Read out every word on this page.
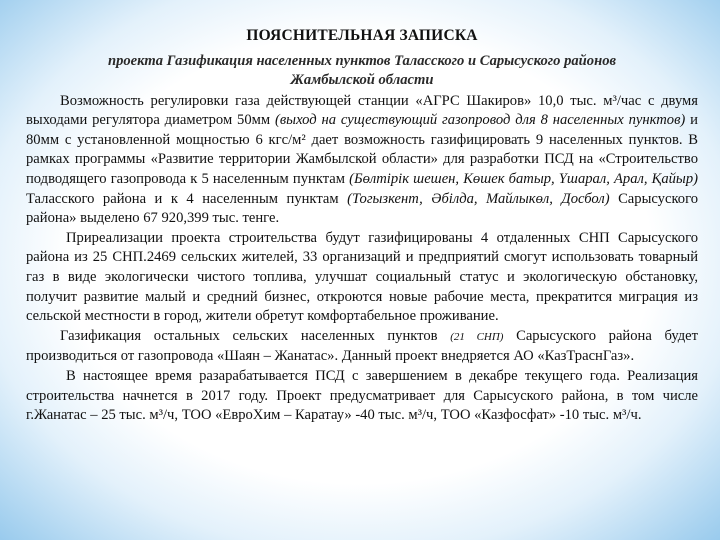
ПОЯСНИТЕЛЬНАЯ ЗАПИСКА
проекта Газификация населенных пунктов Таласского и Сарысуского районов
Жамбылской области

Возможность регулировки газа действующей станции «АГРС Шакиров» 10,0 тыс. м³/час с двумя выходами регулятора диаметром 50мм (выход на существующий газопровод для 8 населенных пунктов) и 80мм с установленной мощностью 6 кгс/м² дает возможность газифицировать 9 населенных пунктов. В рамках программы «Развитие территории Жамбылской области» для разработки ПСД на «Строительство подводящего газопровода к 5 населенным пунктам (Бөлтірік шешен, Көшек батыр, Үшарал, Арал, Қайыр) Таласского района и к 4 населенным пунктам (Тогызкент, Әбілда, Майлыкөл, Досбол) Сарысуского района» выделено 67 920,399 тыс. тенге.

Приреализации проекта строительства будут газифицированы 4 отдаленных СНП Сарысуского района из 25 СНП.2469 сельских жителей, 33 организаций и предприятий смогут использовать товарный газ в виде экологически чистого топлива, улучшат социальный статус и экологическую обстановку, получит развитие малый и средний бизнес, откроются новые рабочие места, прекратится миграция из сельской местности в город, жители обретут комфортабельное проживание.

Газификация остальных сельских населенных пунктов (21 СНП) Сарысуского района будет производиться от газопровода «Шаян – Жанатас». Данный проект внедряется АО «КазТраснГаз».

В настоящее время разарабатывается ПСД с завершением в декабре текущего года. Реализация строительства начнется в 2017 году. Проект предусматривает для Сарысуского района, в том числе г.Жанатас – 25 тыс. м³/ч, ТОО «ЕвроХим – Каратау» -40 тыс. м³/ч, ТОО «Казфосфат» -10 тыс. м³/ч.
